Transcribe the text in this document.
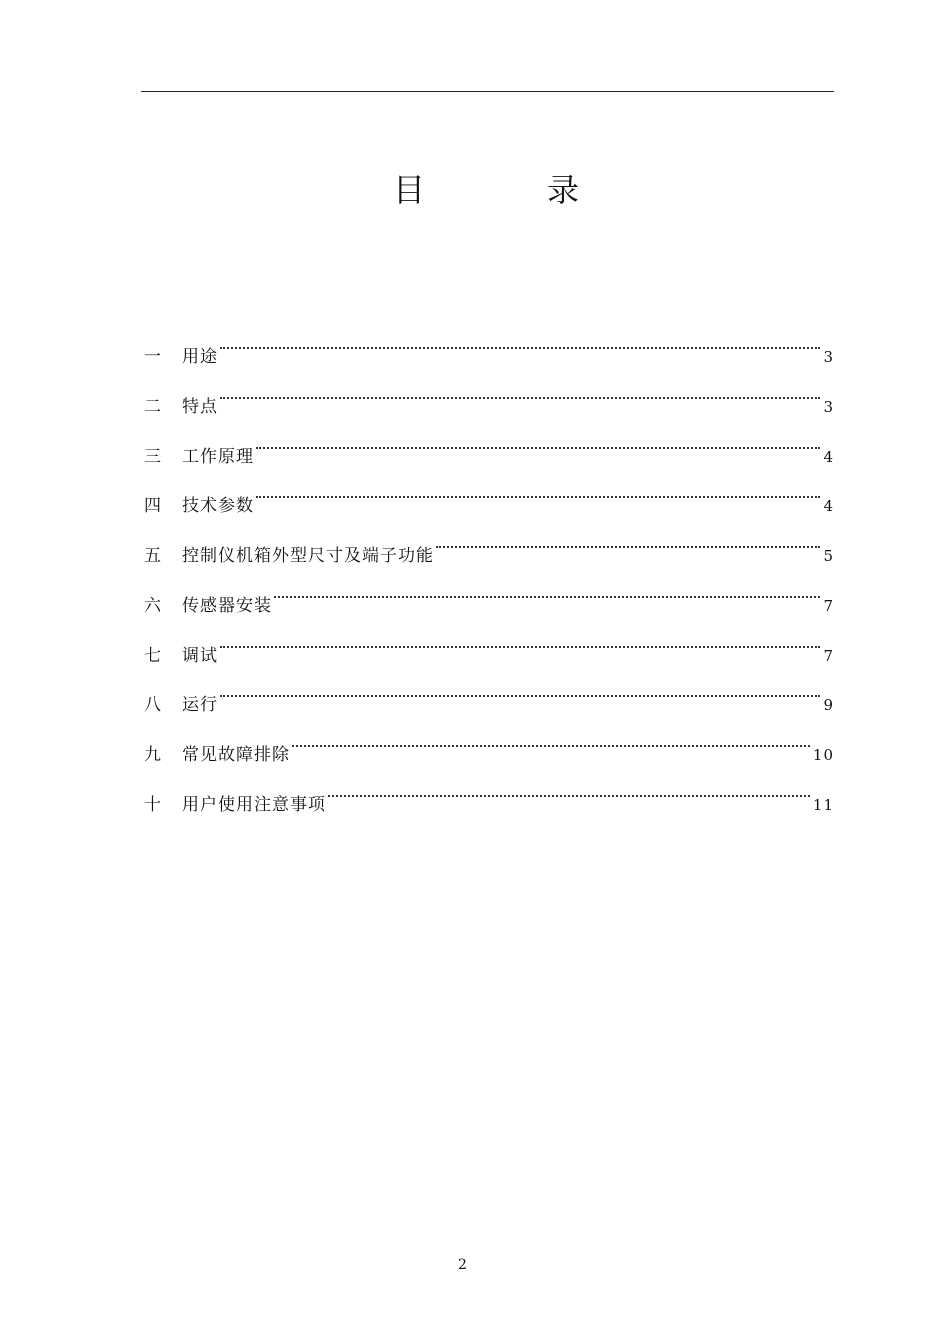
目	录
一	用途	3
二	特点	3
三	工作原理	4
四	技术参数	4
五	控制仪机箱外型尺寸及端子功能	5
六	传感器安装	7
七	调试	7
八	运行	9
九	常见故障排除	10
十	用户使用注意事项	11
2
